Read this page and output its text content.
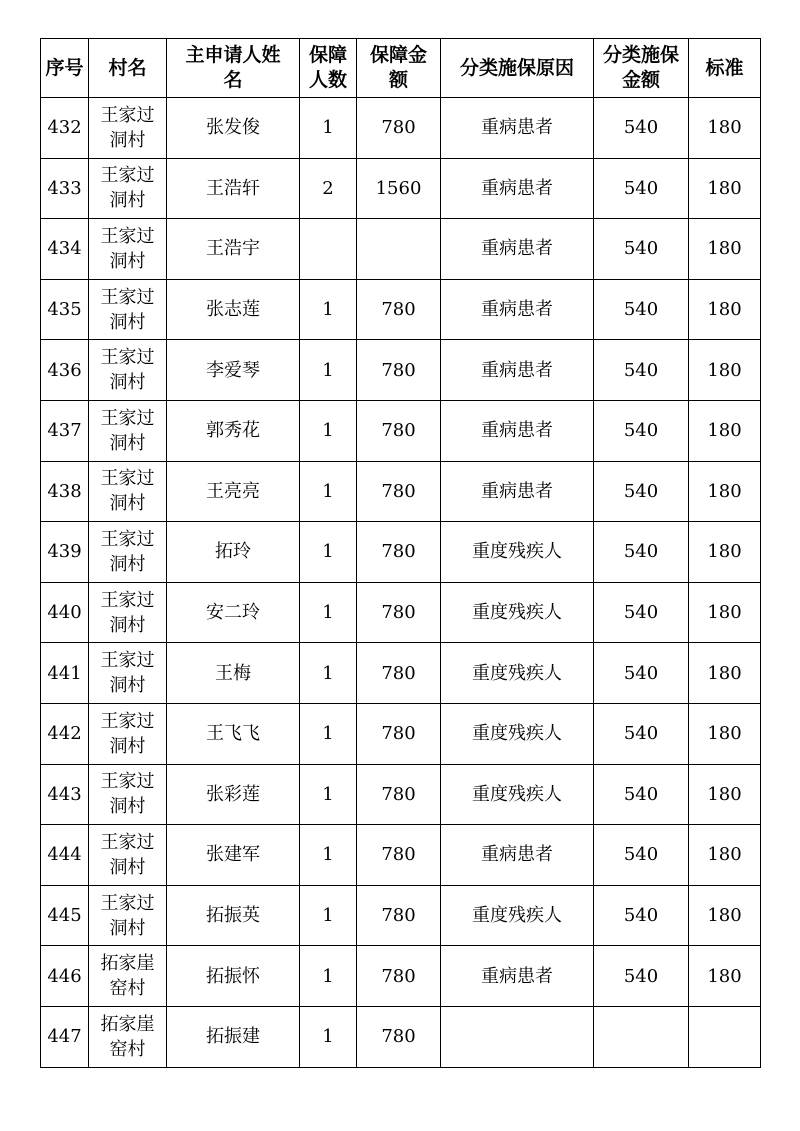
序号	村名	主申请人姓名	保障人数	保障金额	分类施保原因	分类施保金额	标准
432	王家过洞村	张发俊	1	780	重病患者	540	180
433	王家过洞村	王浩轩	2	1560	重病患者	540	180
434	王家过洞村	王浩宇			重病患者	540	180
435	王家过洞村	张志莲	1	780	重病患者	540	180
436	王家过洞村	李爱琴	1	780	重病患者	540	180
437	王家过洞村	郭秀花	1	780	重病患者	540	180
438	王家过洞村	王亮亮	1	780	重病患者	540	180
439	王家过洞村	拓玲	1	780	重度残疾人	540	180
440	王家过洞村	安二玲	1	780	重度残疾人	540	180
441	王家过洞村	王梅	1	780	重度残疾人	540	180
442	王家过洞村	王飞飞	1	780	重度残疾人	540	180
443	王家过洞村	张彩莲	1	780	重度残疾人	540	180
444	王家过洞村	张建军	1	780	重病患者	540	180
445	王家过洞村	拓振英	1	780	重度残疾人	540	180
446	拓家崖窑村	拓振怀	1	780	重病患者	540	180
447	拓家崖窑村	拓振建	1	780			
